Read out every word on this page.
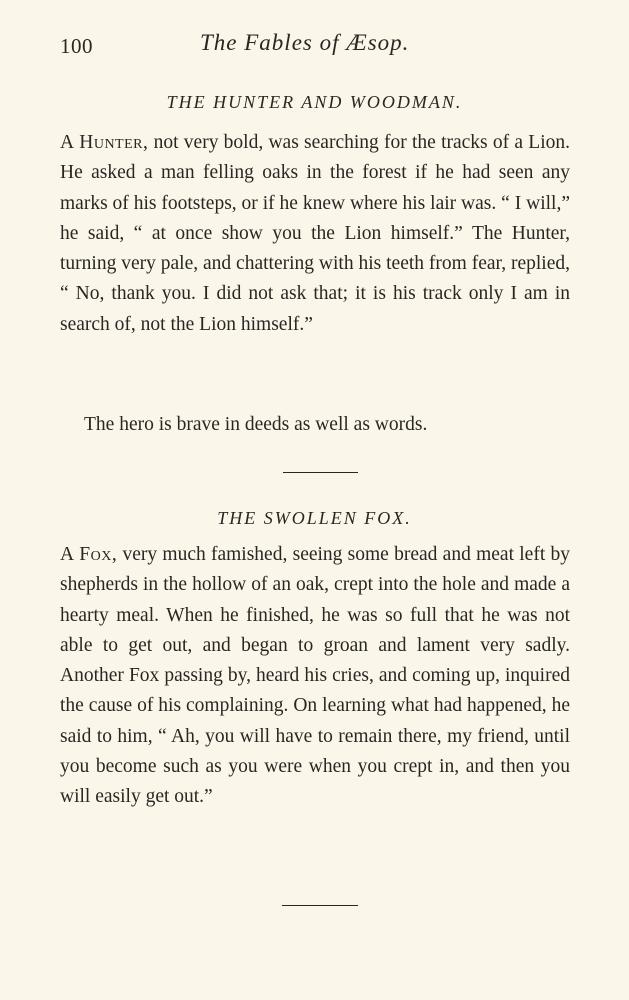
100	The Fables of Æsop.
THE HUNTER AND WOODMAN.

A Hunter, not very bold, was searching for the tracks of a Lion. He asked a man felling oaks in the forest if he had seen any marks of his footsteps, or if he knew where his lair was. “ I will,” he said, “ at once show you the Lion himself.” The Hunter, turning very pale, and chattering with his teeth from fear, replied, “ No, thank you. I did not ask that; it is his track only I am in search of, not the Lion himself.”

The hero is brave in deeds as well as words.
THE SWOLLEN FOX.

A Fox, very much famished, seeing some bread and meat left by shepherds in the hollow of an oak, crept into the hole and made a hearty meal. When he finished, he was so full that he was not able to get out, and began to groan and lament very sadly. Another Fox passing by, heard his cries, and coming up, inquired the cause of his complaining. On learning what had happened, he said to him, “ Ah, you will have to remain there, my friend, until you become such as you were when you crept in, and then you will easily get out.”
